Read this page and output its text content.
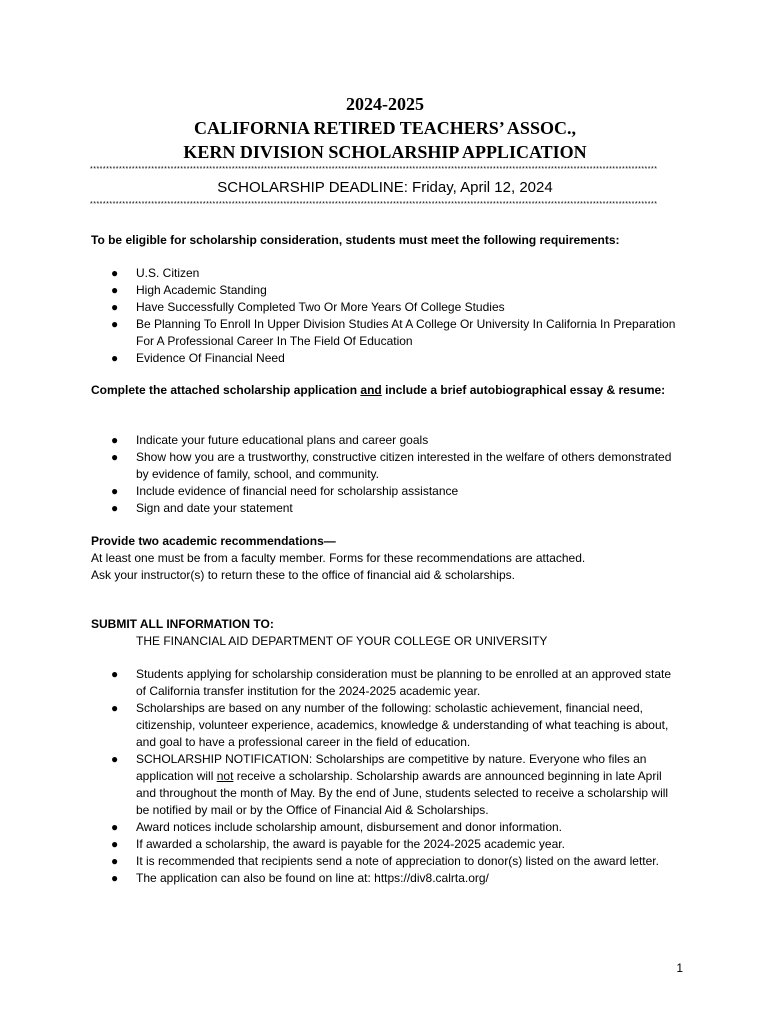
2024-2025
CALIFORNIA RETIRED TEACHERS’ ASSOC.,
KERN DIVISION SCHOLARSHIP APPLICATION
********************************************************************************************************************************************************************************
SCHOLARSHIP DEADLINE: Friday, April 12, 2024
********************************************************************************************************************************************************************************
To be eligible for scholarship consideration, students must meet the following requirements:
● U.S. Citizen
● High Academic Standing
● Have Successfully Completed Two Or More Years Of College Studies
● Be Planning To Enroll In Upper Division Studies At A College Or University In California In Preparation For A Professional Career In The Field Of Education
● Evidence Of Financial Need
Complete the attached scholarship application and include a brief autobiographical essay & resume:
● Indicate your future educational plans and career goals
● Show how you are a trustworthy, constructive citizen interested in the welfare of others demonstrated by evidence of family, school, and community.
● Include evidence of financial need for scholarship assistance
● Sign and date your statement
Provide two academic recommendations—
At least one must be from a faculty member. Forms for these recommendations are attached.
Ask your instructor(s) to return these to the office of financial aid & scholarships.
SUBMIT ALL INFORMATION TO:
THE FINANCIAL AID DEPARTMENT OF YOUR COLLEGE OR UNIVERSITY
● Students applying for scholarship consideration must be planning to be enrolled at an approved state of California transfer institution for the 2024-2025 academic year.
● Scholarships are based on any number of the following: scholastic achievement, financial need, citizenship, volunteer experience, academics, knowledge & understanding of what teaching is about, and goal to have a professional career in the field of education.
● SCHOLARSHIP NOTIFICATION: Scholarships are competitive by nature. Everyone who files an application will not receive a scholarship. Scholarship awards are announced beginning in late April and throughout the month of May. By the end of June, students selected to receive a scholarship will be notified by mail or by the Office of Financial Aid & Scholarships.
● Award notices include scholarship amount, disbursement and donor information.
● If awarded a scholarship, the award is payable for the 2024-2025 academic year.
● It is recommended that recipients send a note of appreciation to donor(s) listed on the award letter.
● The application can also be found on line at: https://div8.calrta.org/
1
